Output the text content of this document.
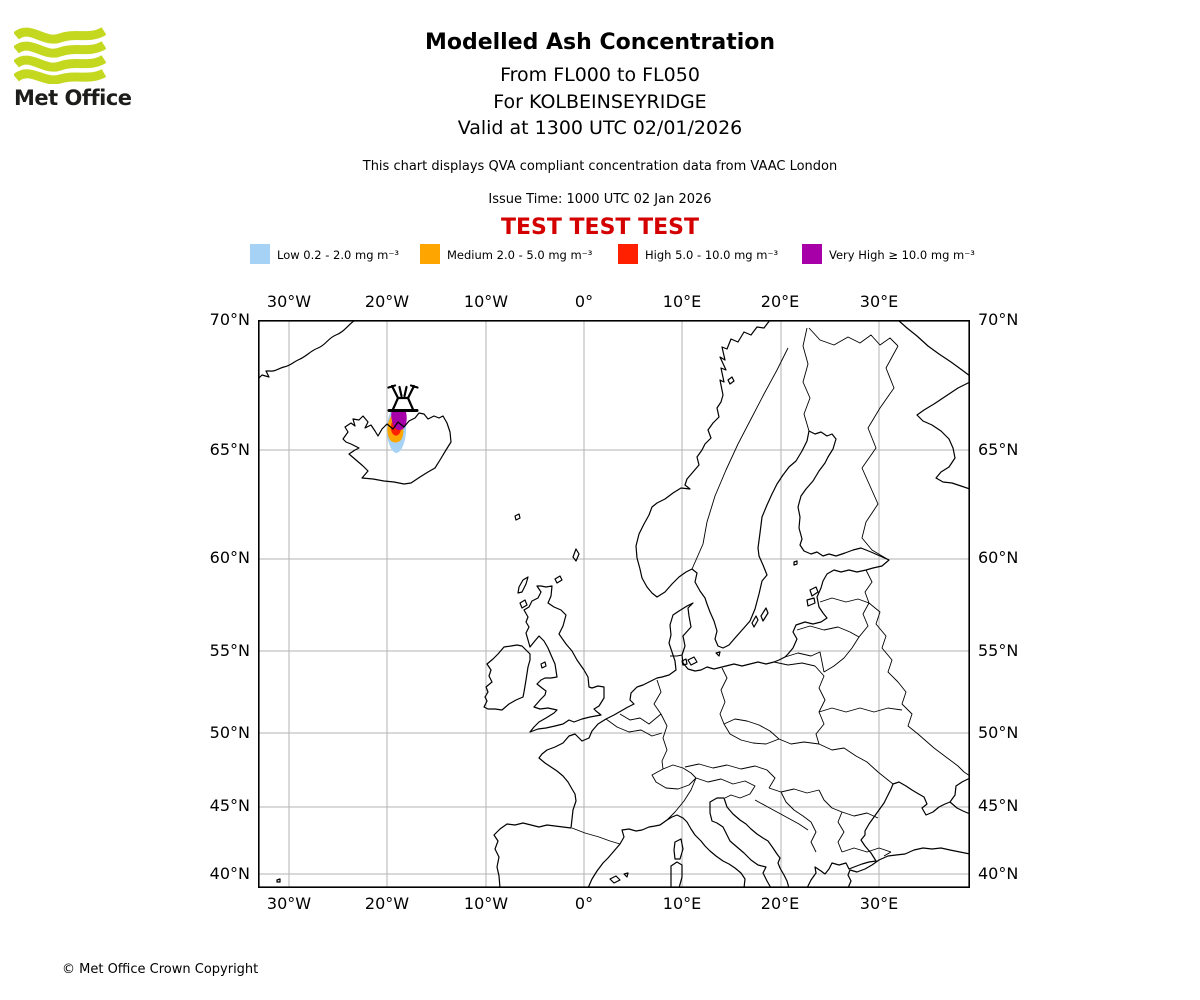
Met Office
Modelled Ash Concentration
From FL000 to FL050
For KOLBEINSEYRIDGE
Valid at 1300 UTC 02/01/2026
This chart displays QVA compliant concentration data from VAAC London
Issue Time: 1000 UTC 02 Jan 2026
TEST TEST TEST
Low 0.2 - 2.0 mg m⁻³	Medium 2.0 - 5.0 mg m⁻³	High 5.0 - 10.0 mg m⁻³	Very High ≥ 10.0 mg m⁻³
30°W	20°W	10°W	0°	10°E	20°E	30°E
30°W	20°W	10°W	0°	10°E	20°E	30°E
70°N
65°N
60°N
55°N
50°N
45°N
40°N
70°N
65°N
60°N
55°N
50°N
45°N
40°N
© Met Office Crown Copyright
